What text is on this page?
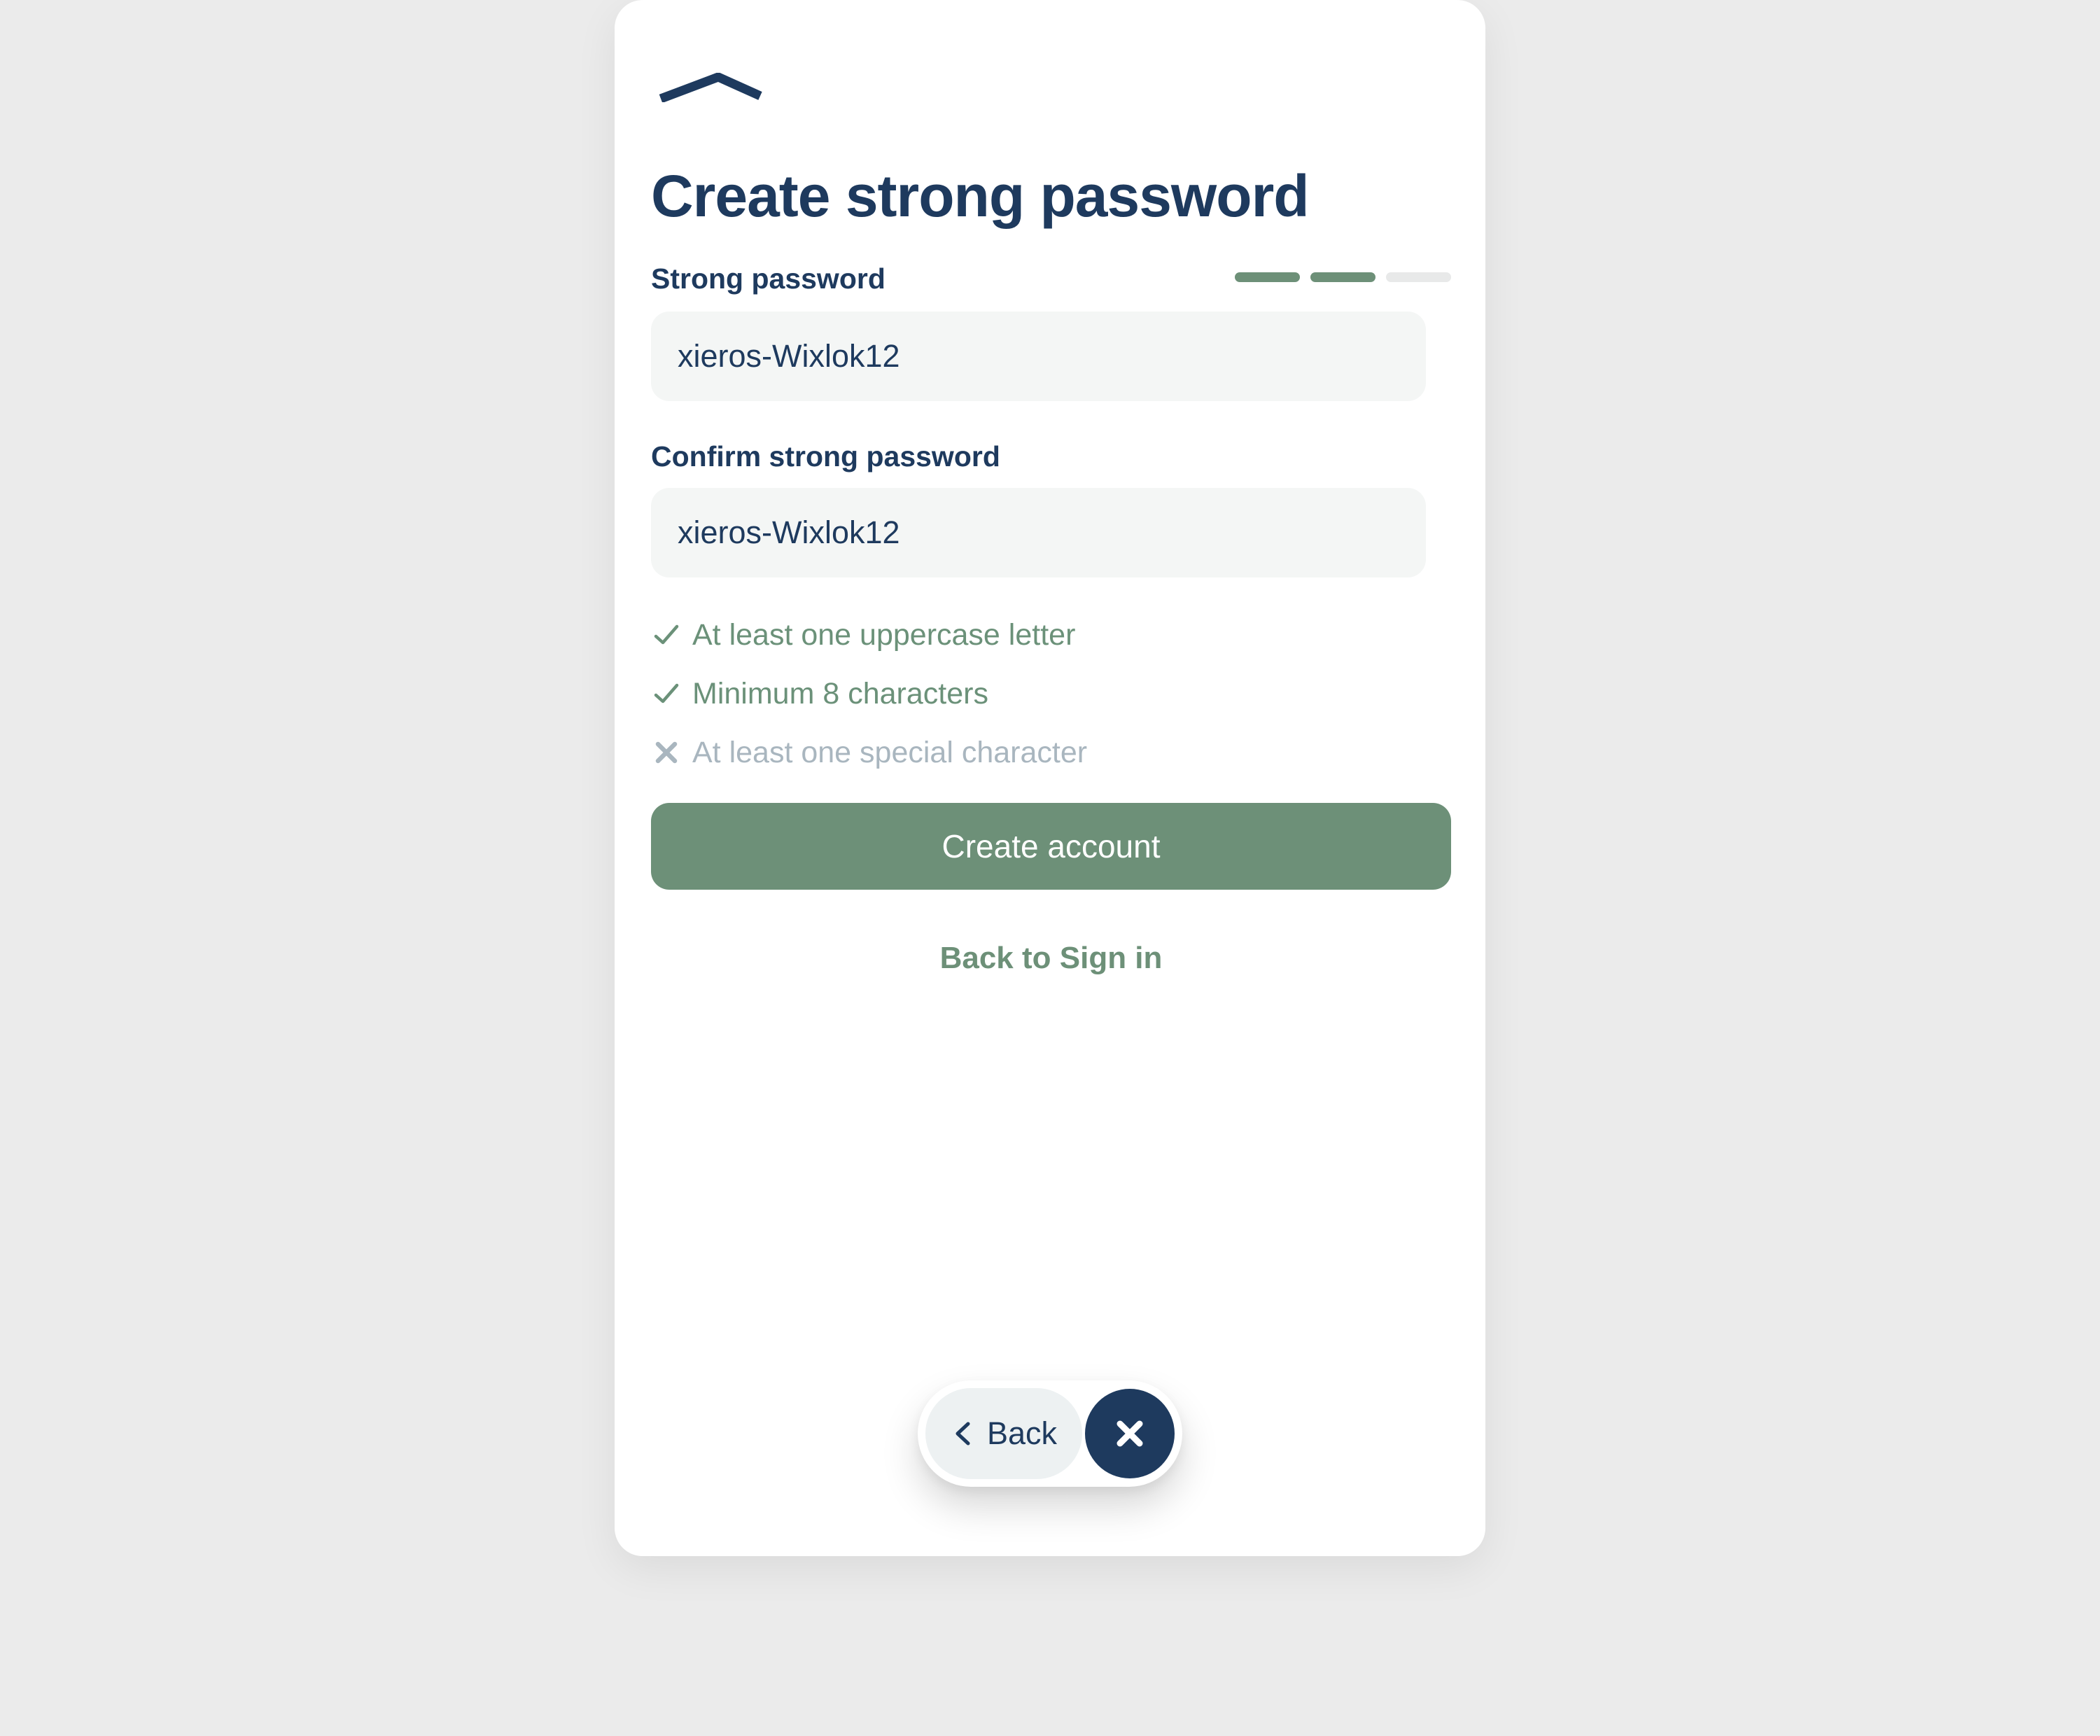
Create strong password
Strong password
xieros-Wixlok12
Confirm strong password
xieros-Wixlok12
At least one uppercase letter
Minimum 8 characters
At least one special character
Create account
Back to Sign in
Back
